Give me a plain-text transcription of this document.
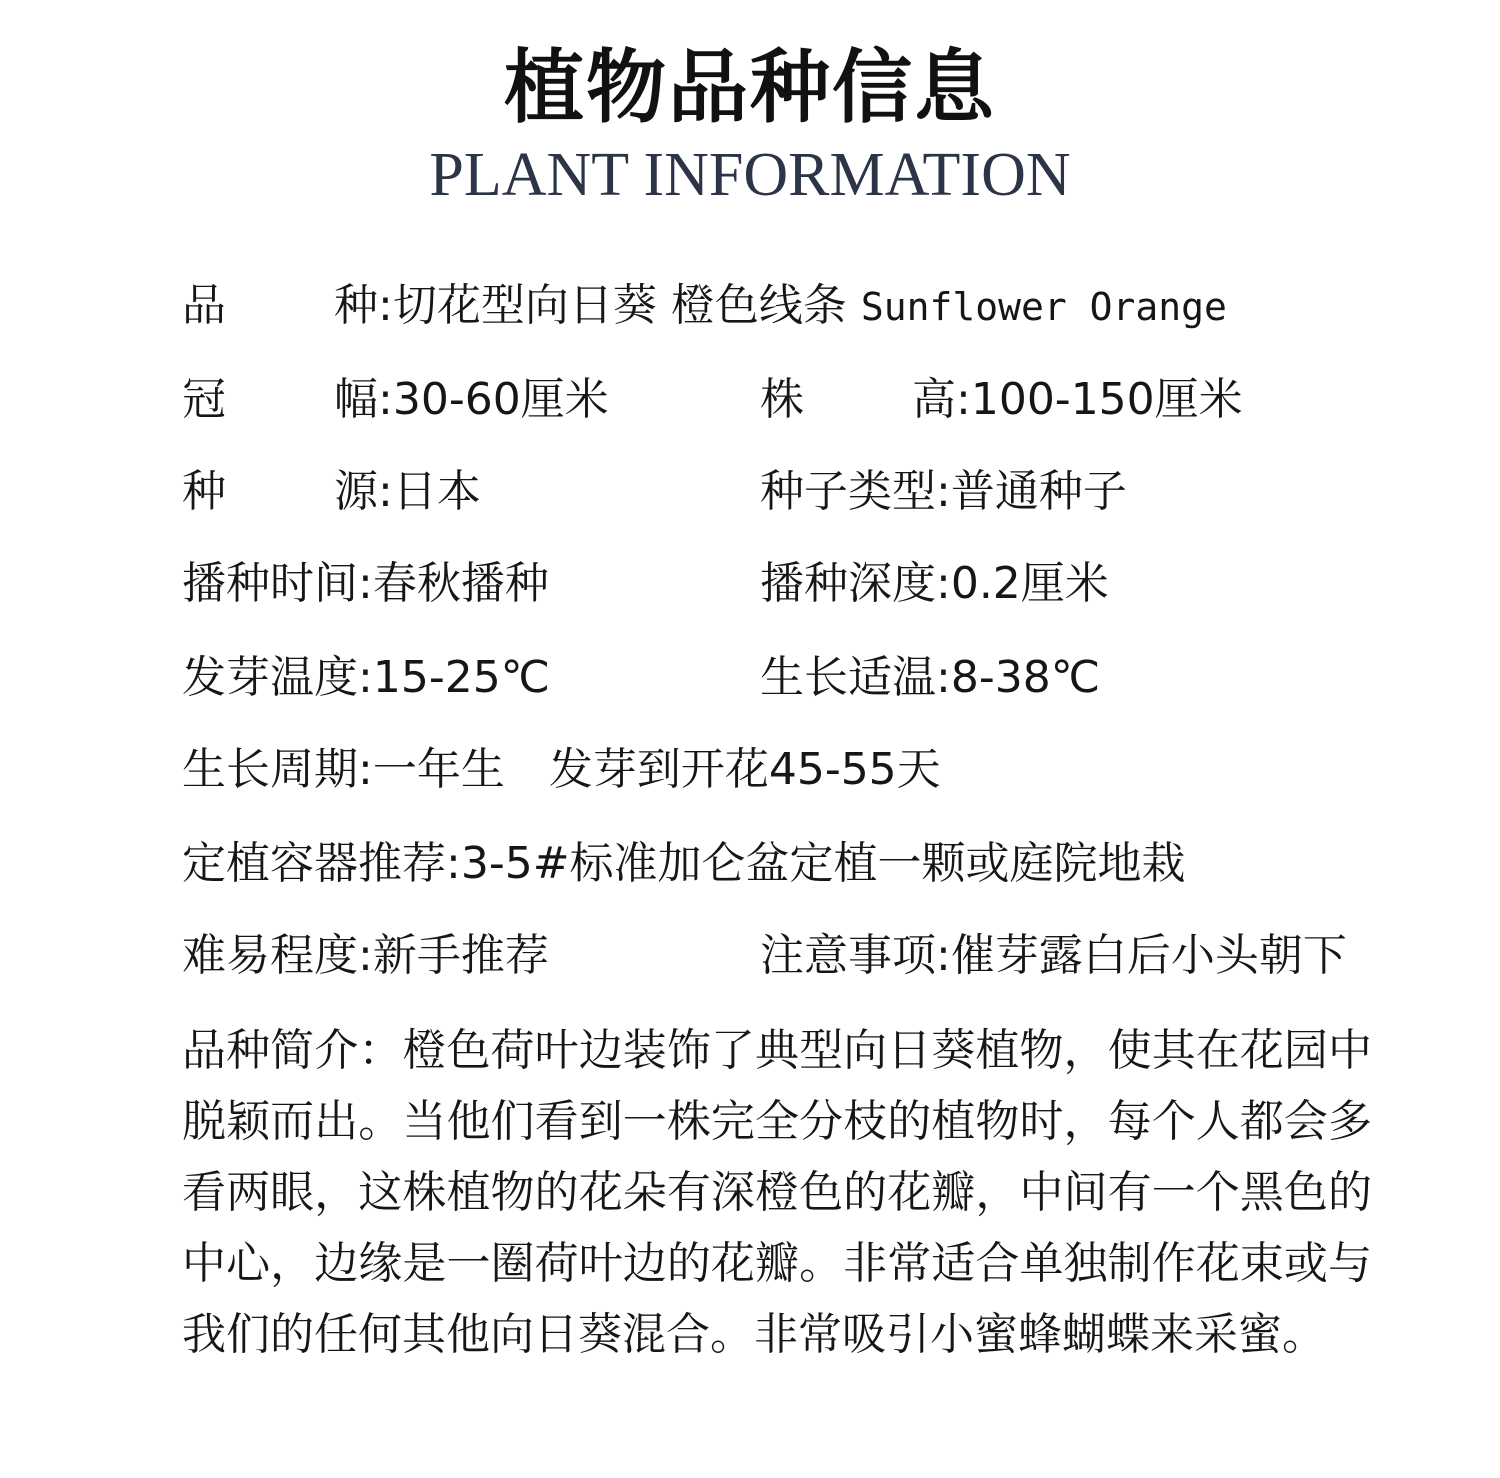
植物品种信息
PLANT INFORMATION
品 种 :切花型向日葵 橙色线条 Sunflower Orange
冠 幅 :30-60厘米	株 高 :100-150厘米
种 源 :日本	种子类型:普通种子
播种时间:春秋播种	播种深度:0.2厘米
发芽温度:15-25℃	生长适温:8-38℃
生长周期:一年生　发芽到开花45-55天
定植容器推荐:3-5#标准加仑盆定植一颗或庭院地栽
难易程度:新手推荐	注意事项:催芽露白后小头朝下

品种简介：橙色荷叶边装饰了典型向日葵植物，使其在花园中脱颖而出。当他们看到一株完全分枝的植物时，每个人都会多看两眼，这株植物的花朵有深橙色的花瓣，中间有一个黑色的中心，边缘是一圈荷叶边的花瓣。非常适合单独制作花束或与我们的任何其他向日葵混合。非常吸引小蜜蜂蝴蝶来采蜜。
